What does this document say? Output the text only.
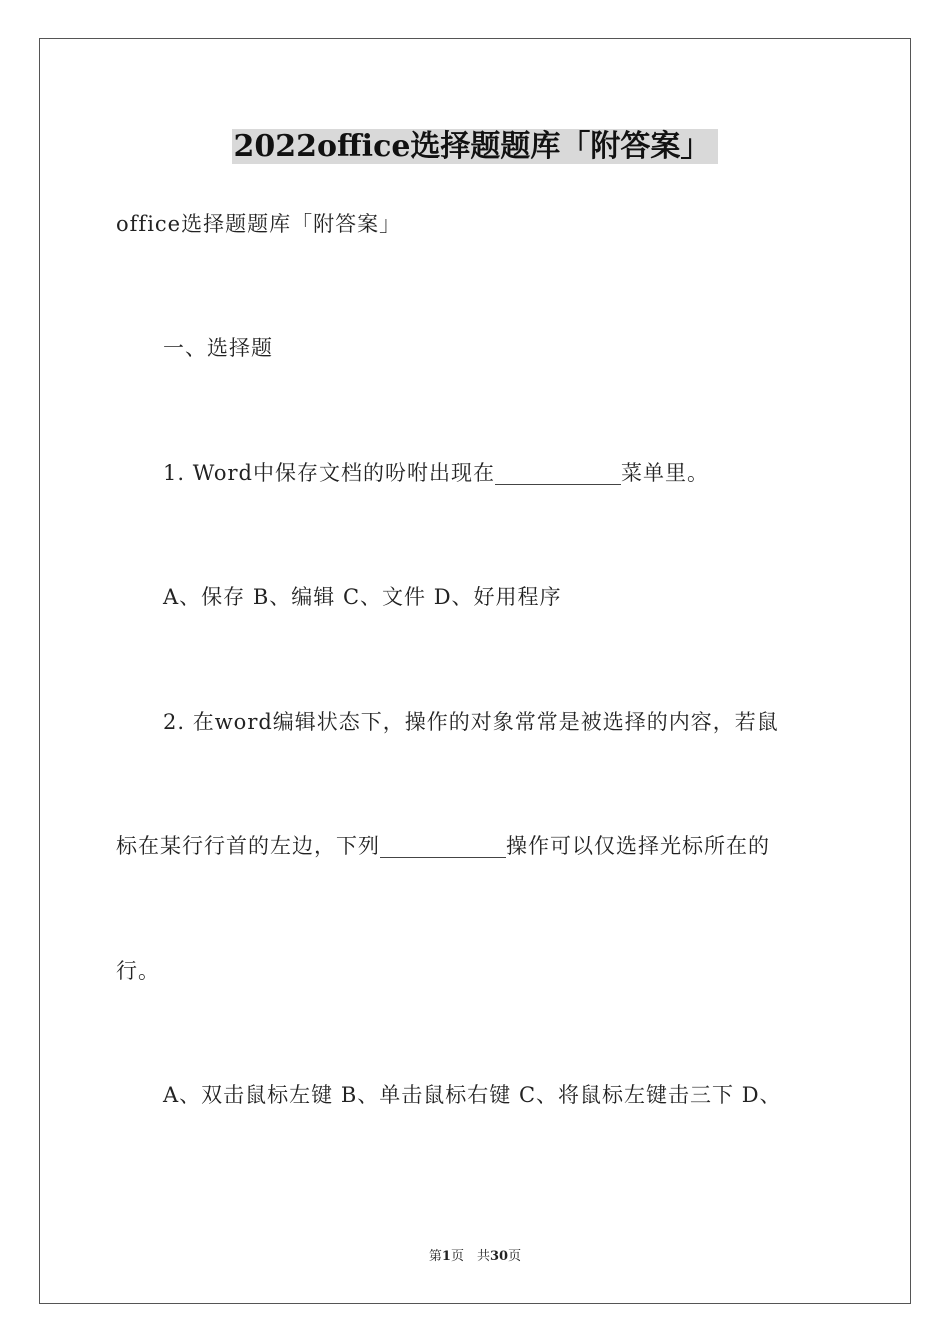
2022office选择题题库「附答案」
office选择题题库「附答案」
一、选择题
1. Word中保存文档的吩咐出现在____________菜单里。
A、保存 B、编辑 C、文件 D、好用程序
2. 在word编辑状态下，操作的对象常常是被选择的内容，若鼠
标在某行行首的左边，下列____________操作可以仅选择光标所在的
行。
A、双击鼠标左键 B、单击鼠标右键 C、将鼠标左键击三下 D、
第1页　共30页
